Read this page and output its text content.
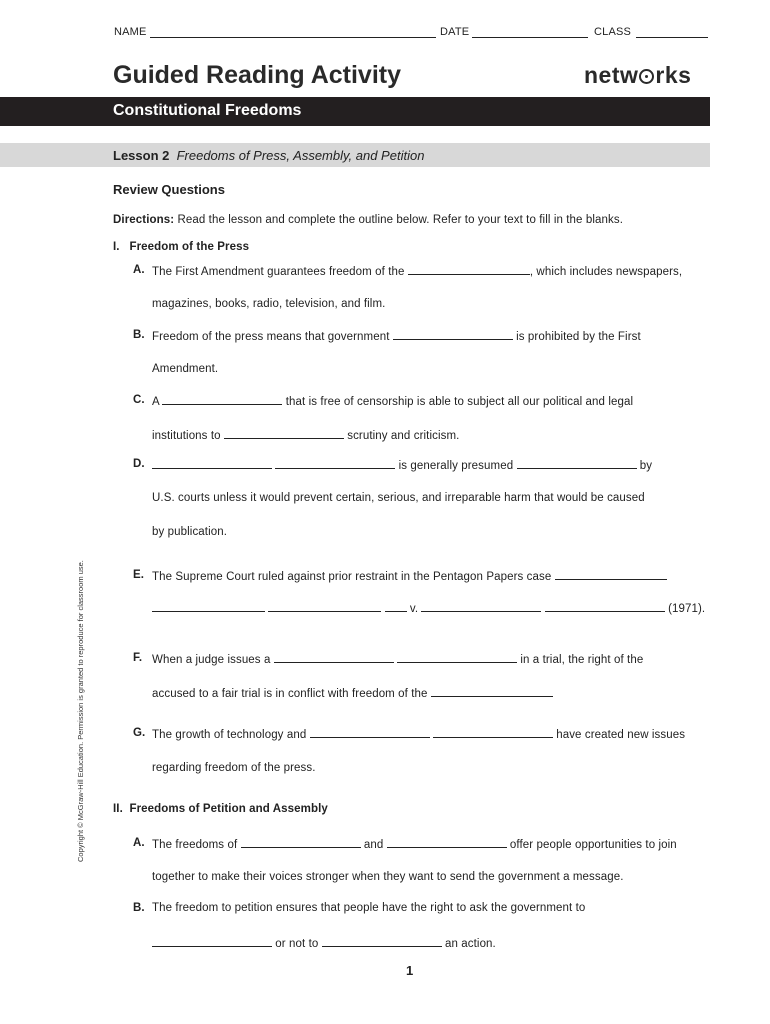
NAME	DATE	CLASS
Guided Reading Activity	netw rks
Constitutional Freedoms
Lesson 2 Freedoms of Press, Assembly, and Petition
Review Questions
Directions: Read the lesson and complete the outline below. Refer to your text to fill in the blanks.
I.   Freedom of the Press
A. The First Amendment guarantees freedom of the	, which includes newspapers,
magazines, books, radio, television, and film.
B. Freedom of the press means that government	is prohibited by the First
Amendment.
C. A	that is free of censorship is able to subject all our political and legal
institutions to	scrutiny and criticism.
D.	is generally presumed	by
U.S. courts unless it would prevent certain, serious, and irreparable harm that would be caused
by publication.
E. The Supreme Court ruled against prior restraint in the Pentagon Papers case
v.	(1971).
F. When a judge issues a	in a trial, the right of the
accused to a fair trial is in conflict with freedom of the
G. The growth of technology and	have created new issues
regarding freedom of the press.
II.  Freedoms of Petition and Assembly
A. The freedoms of	and	offer people opportunities to join
together to make their voices stronger when they want to send the government a message.
B. The freedom to petition ensures that people have the right to ask the government to
or not to	an action.
Copyright © McGraw-Hill Education. Permission is granted to reproduce for classroom use.
1
